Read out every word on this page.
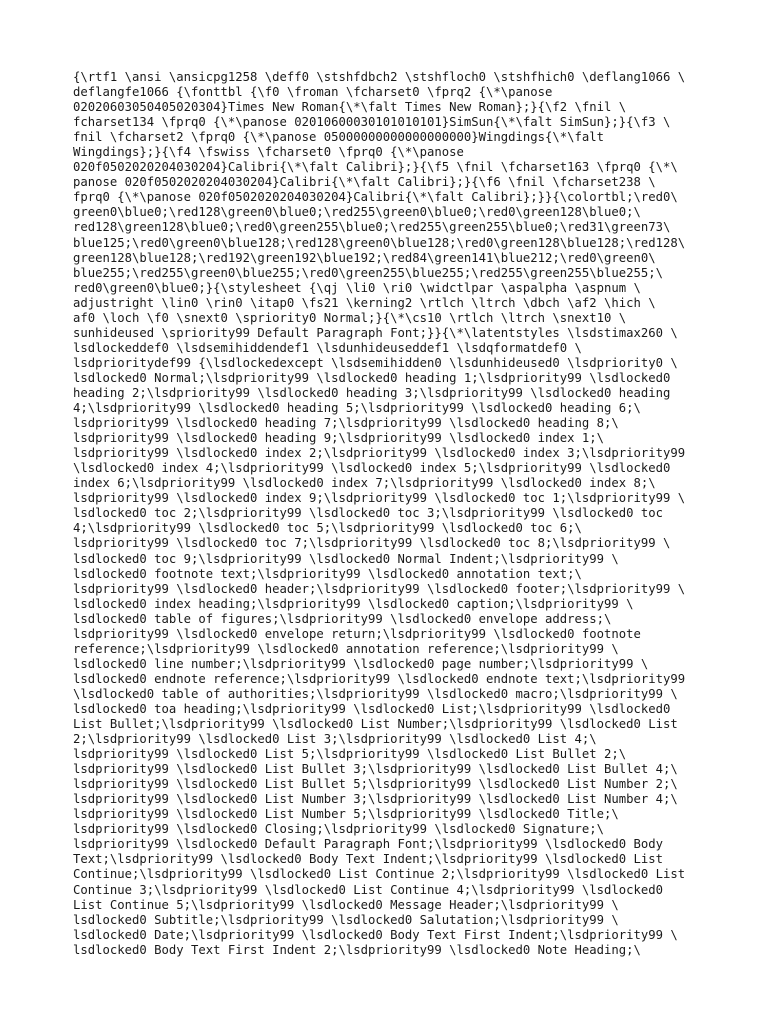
{\rtf1 \ansi \ansicpg1258 \deff0 \stshfdbch2 \stshfloch0 \stshfhich0 \deflang1066 \
deflangfe1066 {\fonttbl {\f0 \froman \fcharset0 \fprq2 {\*\panose
02020603050405020304}Times New Roman{\*\falt Times New Roman};}{\f2 \fnil \
fcharset134 \fprq0 {\*\panose 02010600030101010101}SimSun{\*\falt SimSun};}{\f3 \
fnil \fcharset2 \fprq0 {\*\panose 05000000000000000000}Wingdings{\*\falt
Wingdings};}{\f4 \fswiss \fcharset0 \fprq0 {\*\panose
020f0502020204030204}Calibri{\*\falt Calibri};}{\f5 \fnil \fcharset163 \fprq0 {\*\
panose 020f0502020204030204}Calibri{\*\falt Calibri};}{\f6 \fnil \fcharset238 \
fprq0 {\*\panose 020f0502020204030204}Calibri{\*\falt Calibri};}}{\colortbl;\red0\
green0\blue0;\red128\green0\blue0;\red255\green0\blue0;\red0\green128\blue0;\
red128\green128\blue0;\red0\green255\blue0;\red255\green255\blue0;\red31\green73\
blue125;\red0\green0\blue128;\red128\green0\blue128;\red0\green128\blue128;\red128\
green128\blue128;\red192\green192\blue192;\red84\green141\blue212;\red0\green0\
blue255;\red255\green0\blue255;\red0\green255\blue255;\red255\green255\blue255;\
red0\green0\blue0;}{\stylesheet {\qj \li0 \ri0 \widctlpar \aspalpha \aspnum \
adjustright \lin0 \rin0 \itap0 \fs21 \kerning2 \rtlch \ltrch \dbch \af2 \hich \
af0 \loch \f0 \snext0 \spriority0 Normal;}{\*\cs10 \rtlch \ltrch \snext10 \
sunhideused \spriority99 Default Paragraph Font;}}{\*\latentstyles \lsdstimax260 \
lsdlockeddef0 \lsdsemihiddendef1 \lsdunhideuseddef1 \lsdqformatdef0 \
lsdprioritydef99 {\lsdlockedexcept \lsdsemihidden0 \lsdunhideused0 \lsdpriority0 \
lsdlocked0 Normal;\lsdpriority99 \lsdlocked0 heading 1;\lsdpriority99 \lsdlocked0
heading 2;\lsdpriority99 \lsdlocked0 heading 3;\lsdpriority99 \lsdlocked0 heading
4;\lsdpriority99 \lsdlocked0 heading 5;\lsdpriority99 \lsdlocked0 heading 6;\
lsdpriority99 \lsdlocked0 heading 7;\lsdpriority99 \lsdlocked0 heading 8;\
lsdpriority99 \lsdlocked0 heading 9;\lsdpriority99 \lsdlocked0 index 1;\
lsdpriority99 \lsdlocked0 index 2;\lsdpriority99 \lsdlocked0 index 3;\lsdpriority99
\lsdlocked0 index 4;\lsdpriority99 \lsdlocked0 index 5;\lsdpriority99 \lsdlocked0
index 6;\lsdpriority99 \lsdlocked0 index 7;\lsdpriority99 \lsdlocked0 index 8;\
lsdpriority99 \lsdlocked0 index 9;\lsdpriority99 \lsdlocked0 toc 1;\lsdpriority99 \
lsdlocked0 toc 2;\lsdpriority99 \lsdlocked0 toc 3;\lsdpriority99 \lsdlocked0 toc
4;\lsdpriority99 \lsdlocked0 toc 5;\lsdpriority99 \lsdlocked0 toc 6;\
lsdpriority99 \lsdlocked0 toc 7;\lsdpriority99 \lsdlocked0 toc 8;\lsdpriority99 \
lsdlocked0 toc 9;\lsdpriority99 \lsdlocked0 Normal Indent;\lsdpriority99 \
lsdlocked0 footnote text;\lsdpriority99 \lsdlocked0 annotation text;\
lsdpriority99 \lsdlocked0 header;\lsdpriority99 \lsdlocked0 footer;\lsdpriority99 \
lsdlocked0 index heading;\lsdpriority99 \lsdlocked0 caption;\lsdpriority99 \
lsdlocked0 table of figures;\lsdpriority99 \lsdlocked0 envelope address;\
lsdpriority99 \lsdlocked0 envelope return;\lsdpriority99 \lsdlocked0 footnote
reference;\lsdpriority99 \lsdlocked0 annotation reference;\lsdpriority99 \
lsdlocked0 line number;\lsdpriority99 \lsdlocked0 page number;\lsdpriority99 \
lsdlocked0 endnote reference;\lsdpriority99 \lsdlocked0 endnote text;\lsdpriority99
\lsdlocked0 table of authorities;\lsdpriority99 \lsdlocked0 macro;\lsdpriority99 \
lsdlocked0 toa heading;\lsdpriority99 \lsdlocked0 List;\lsdpriority99 \lsdlocked0
List Bullet;\lsdpriority99 \lsdlocked0 List Number;\lsdpriority99 \lsdlocked0 List
2;\lsdpriority99 \lsdlocked0 List 3;\lsdpriority99 \lsdlocked0 List 4;\
lsdpriority99 \lsdlocked0 List 5;\lsdpriority99 \lsdlocked0 List Bullet 2;\
lsdpriority99 \lsdlocked0 List Bullet 3;\lsdpriority99 \lsdlocked0 List Bullet 4;\
lsdpriority99 \lsdlocked0 List Bullet 5;\lsdpriority99 \lsdlocked0 List Number 2;\
lsdpriority99 \lsdlocked0 List Number 3;\lsdpriority99 \lsdlocked0 List Number 4;\
lsdpriority99 \lsdlocked0 List Number 5;\lsdpriority99 \lsdlocked0 Title;\
lsdpriority99 \lsdlocked0 Closing;\lsdpriority99 \lsdlocked0 Signature;\
lsdpriority99 \lsdlocked0 Default Paragraph Font;\lsdpriority99 \lsdlocked0 Body
Text;\lsdpriority99 \lsdlocked0 Body Text Indent;\lsdpriority99 \lsdlocked0 List
Continue;\lsdpriority99 \lsdlocked0 List Continue 2;\lsdpriority99 \lsdlocked0 List
Continue 3;\lsdpriority99 \lsdlocked0 List Continue 4;\lsdpriority99 \lsdlocked0
List Continue 5;\lsdpriority99 \lsdlocked0 Message Header;\lsdpriority99 \
lsdlocked0 Subtitle;\lsdpriority99 \lsdlocked0 Salutation;\lsdpriority99 \
lsdlocked0 Date;\lsdpriority99 \lsdlocked0 Body Text First Indent;\lsdpriority99 \
lsdlocked0 Body Text First Indent 2;\lsdpriority99 \lsdlocked0 Note Heading;\
